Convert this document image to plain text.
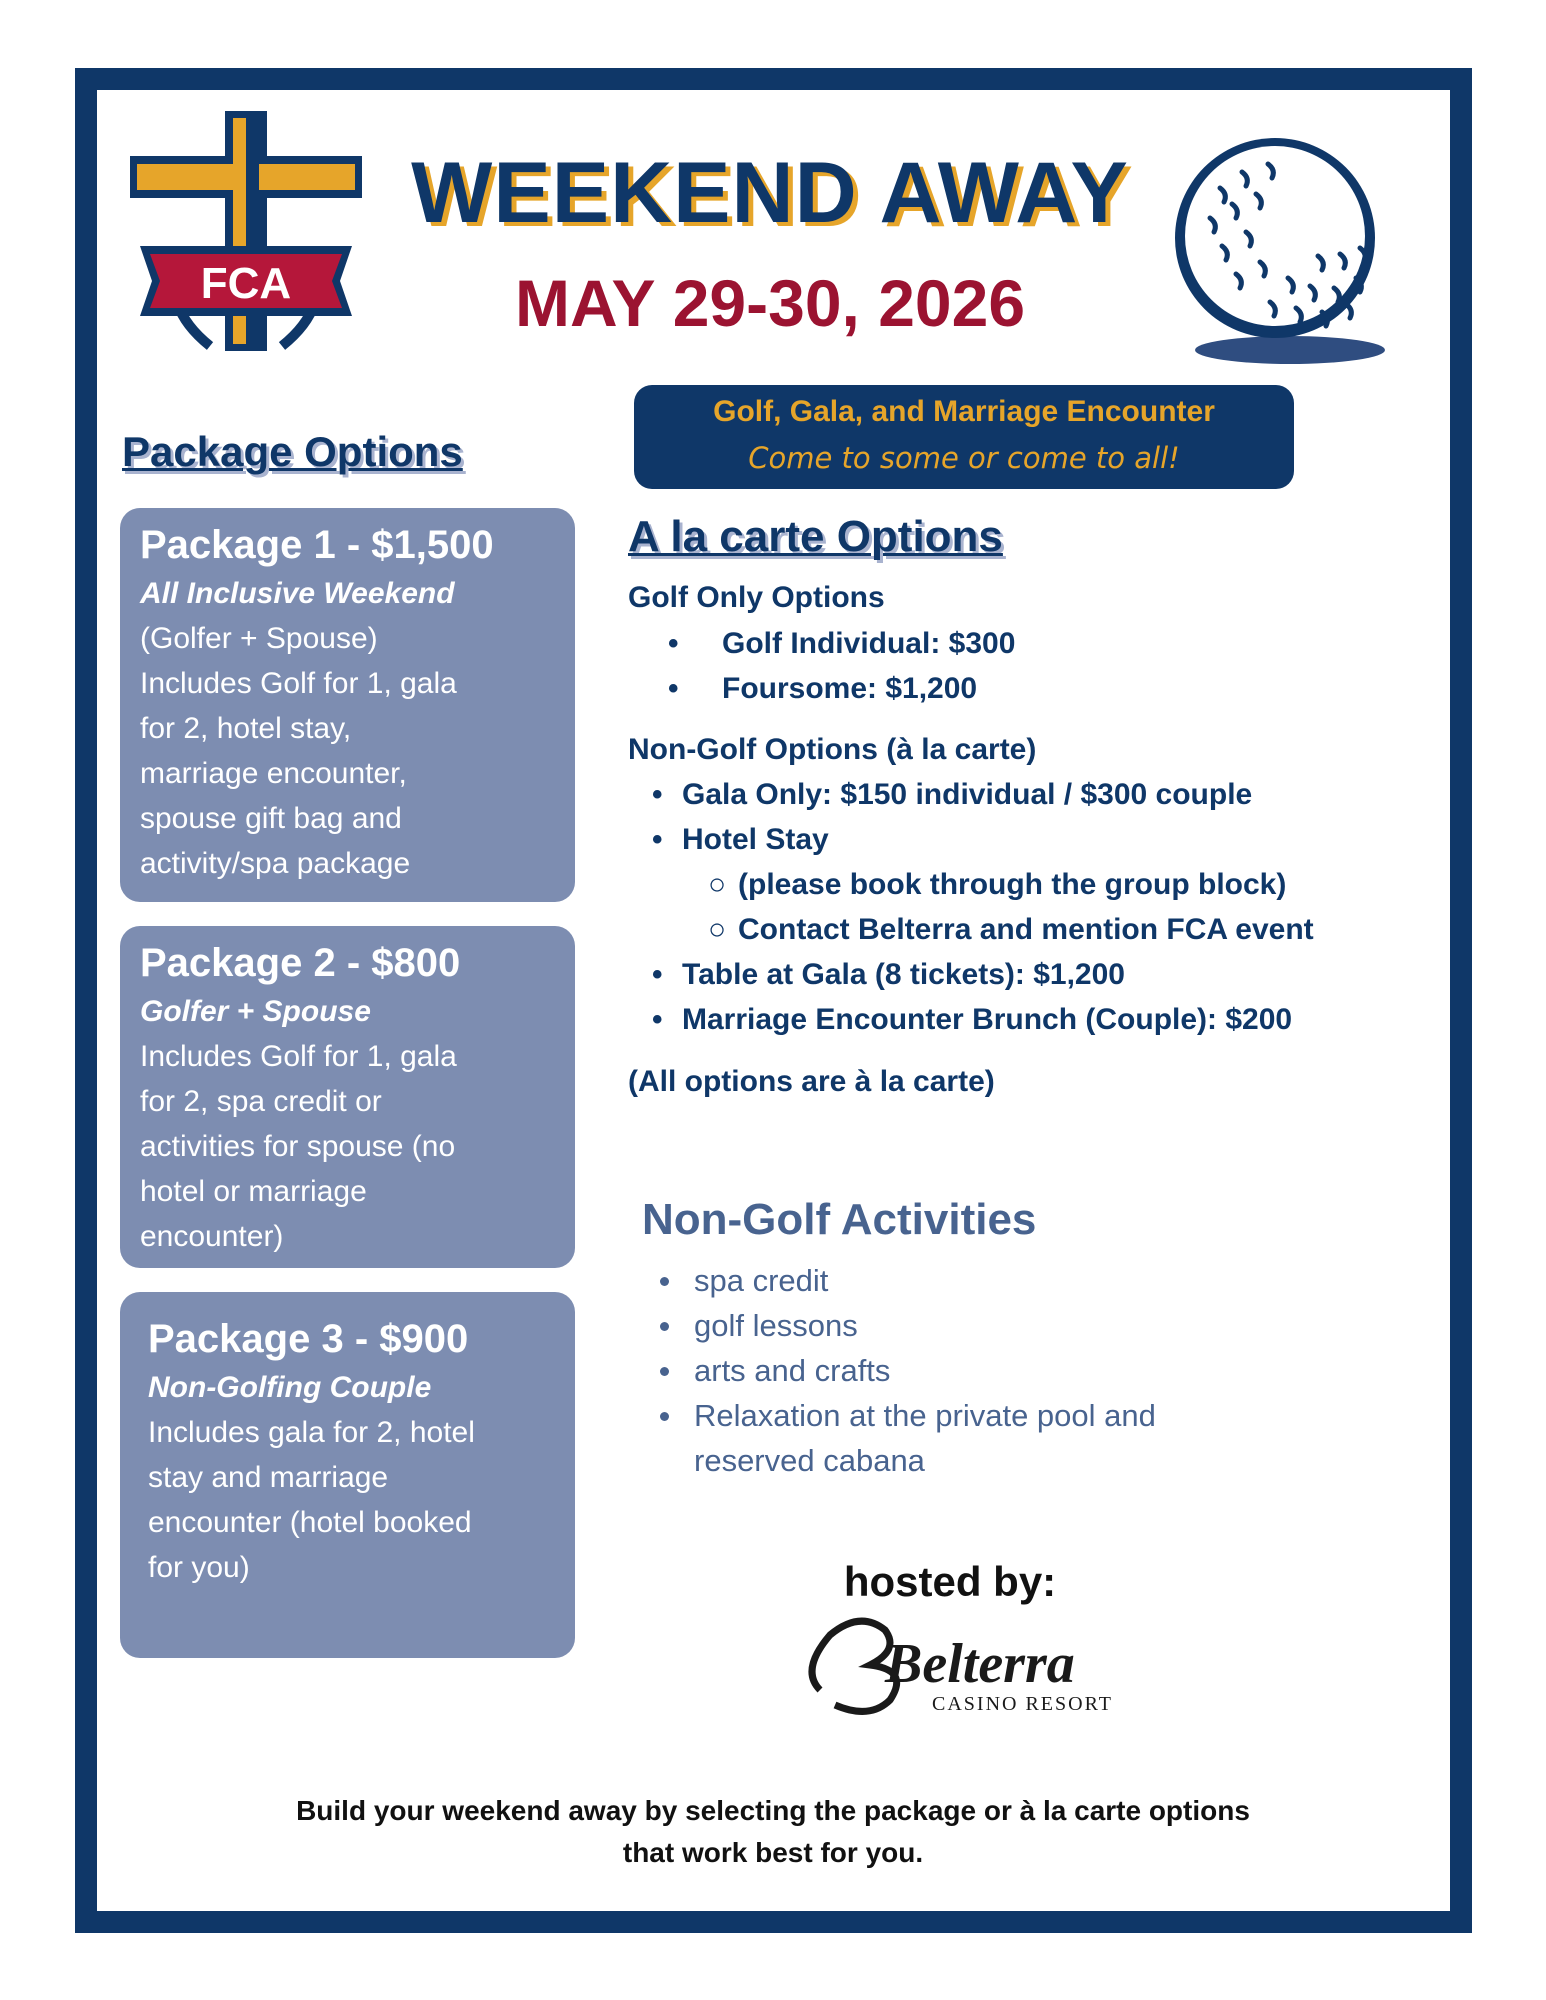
FCA
WEEKEND AWAY
MAY 29-30, 2026
Golf, Gala, and Marriage Encounter
Come to some or come to all!
Package Options
Package 1 - $1,500
All Inclusive Weekend
(Golfer + Spouse)
Includes Golf for 1, gala
for 2, hotel stay,
marriage encounter,
spouse gift bag and
activity/spa package
Package 2 - $800
Golfer + Spouse
Includes Golf for 1, gala
for 2, spa credit or
activities for spouse (no
hotel or marriage
encounter)
Package 3 - $900
Non-Golfing Couple
Includes gala for 2, hotel
stay and marriage
encounter (hotel booked
for you)
A la carte Options
Golf Only Options
• Golf Individual: $300
• Foursome: $1,200
Non-Golf Options (à la carte)
• Gala Only: $150 individual / $300 couple
• Hotel Stay
○ (please book through the group block)
○ Contact Belterra and mention FCA event
• Table at Gala (8 tickets): $1,200
• Marriage Encounter Brunch (Couple): $200
(All options are à la carte)
Non-Golf Activities
spa credit
golf lessons
arts and crafts
Relaxation at the private pool and reserved cabana
hosted by:
Belterra
CASINO RESORT
Build your weekend away by selecting the package or à la carte options
that work best for you.
